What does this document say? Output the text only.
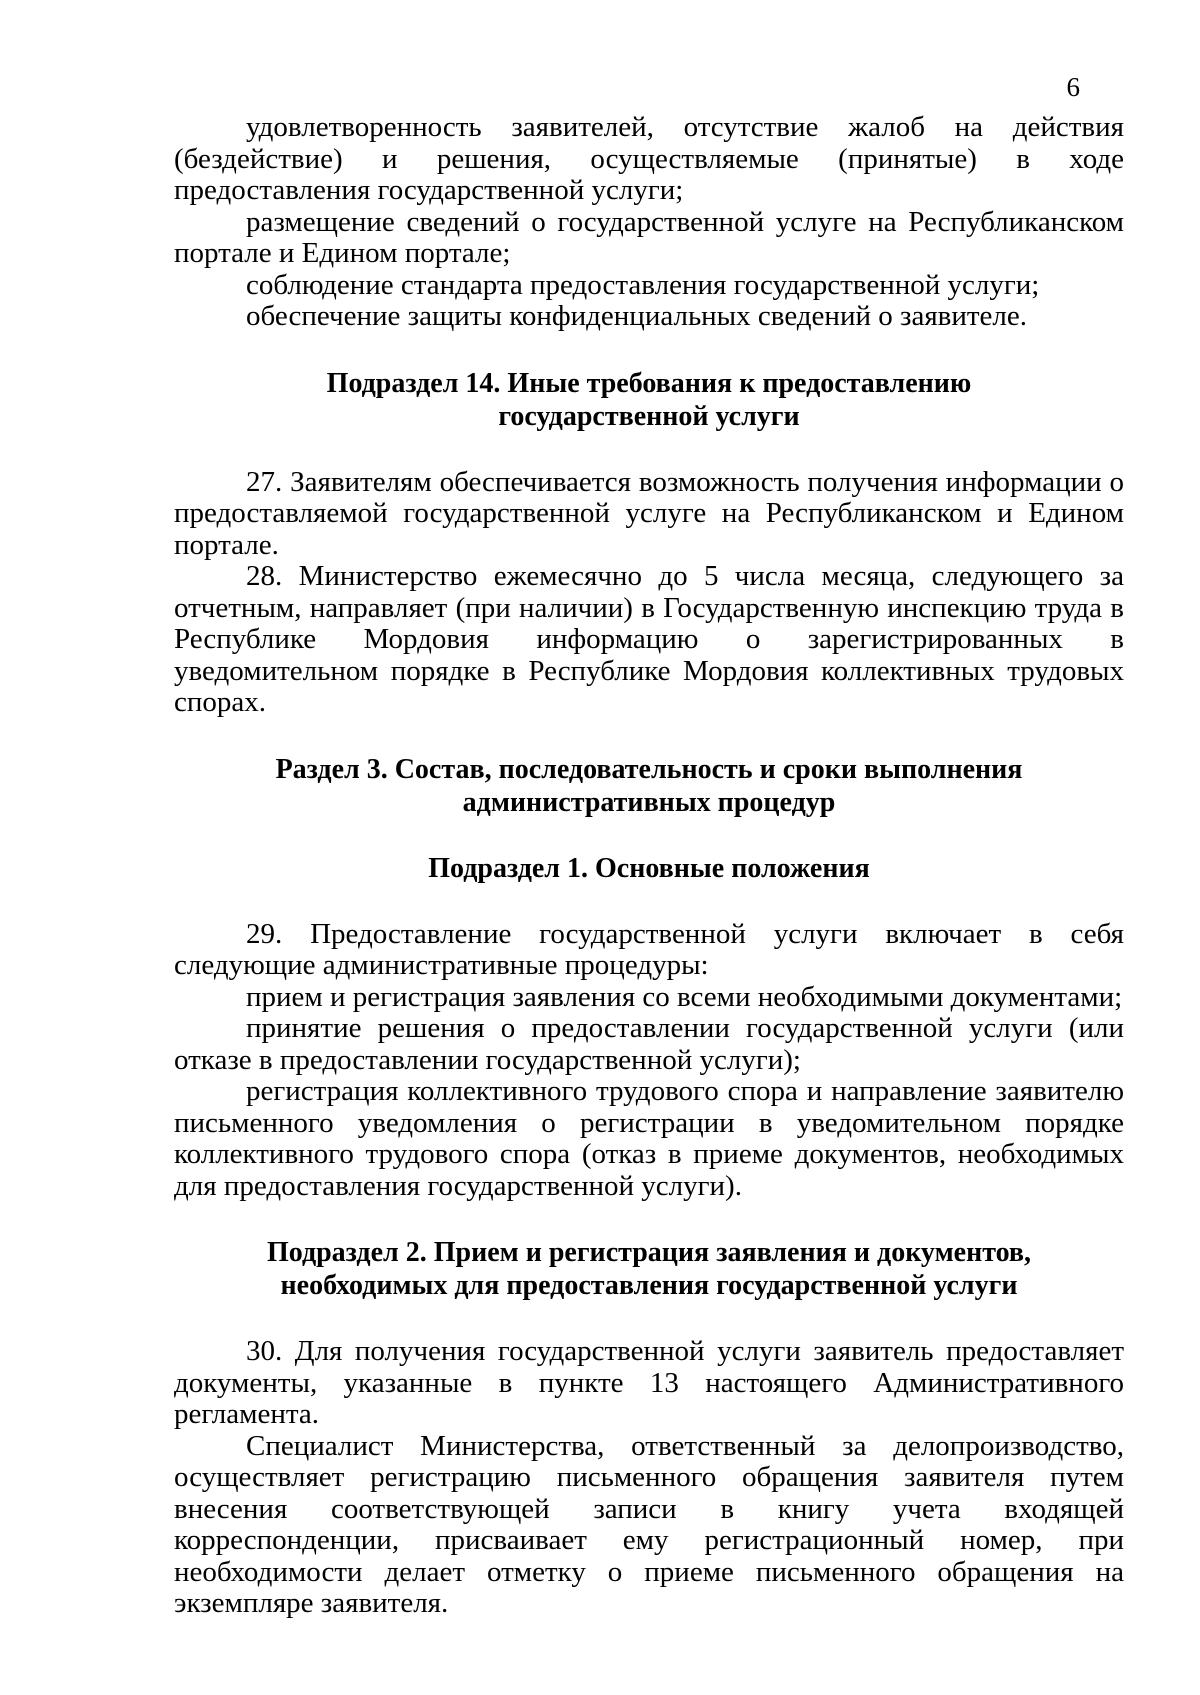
6

удовлетворенность заявителей, отсутствие жалоб на действия (бездействие) и решения, осуществляемые (принятые) в ходе предоставления государственной услуги;

размещение сведений о государственной услуге на Республиканском портале и Едином портале;

соблюдение стандарта предоставления государственной услуги;

обеспечение защиты конфиденциальных сведений о заявителе.

Подраздел 14. Иные требования к предоставлению
государственной услуги

27. Заявителям обеспечивается возможность получения информации о предоставляемой государственной услуге на Республиканском и Едином портале.

28. Министерство ежемесячно до 5 числа месяца, следующего за отчетным, направляет (при наличии) в Государственную инспекцию труда в Республике Мордовия информацию о зарегистрированных в уведомительном порядке в Республике Мордовия коллективных трудовых спорах.

Раздел 3. Состав, последовательность и сроки выполнения
административных процедур
Подраздел 1. Основные положения

29. Предоставление государственной услуги включает в себя следующие административные процедуры:

прием и регистрация заявления со всеми необходимыми документами;

принятие решения о предоставлении государственной услуги (или отказе в предоставлении государственной услуги);

регистрация коллективного трудового спора и направление заявителю письменного уведомления о регистрации в уведомительном порядке коллективного трудового спора (отказ в приеме документов, необходимых для предоставления государственной услуги).

Подраздел 2. Прием и регистрация заявления и документов,
необходимых для предоставления государственной услуги

30. Для получения государственной услуги заявитель предоставляет документы, указанные в пункте 13 настоящего Административного регламента.

Специалист Министерства, ответственный за делопроизводство, осуществляет регистрацию письменного обращения заявителя путем внесения соответствующей записи в книгу учета входящей корреспонденции, присваивает ему регистрационный номер, при необходимости делает отметку о приеме письменного обращения на экземпляре заявителя.
